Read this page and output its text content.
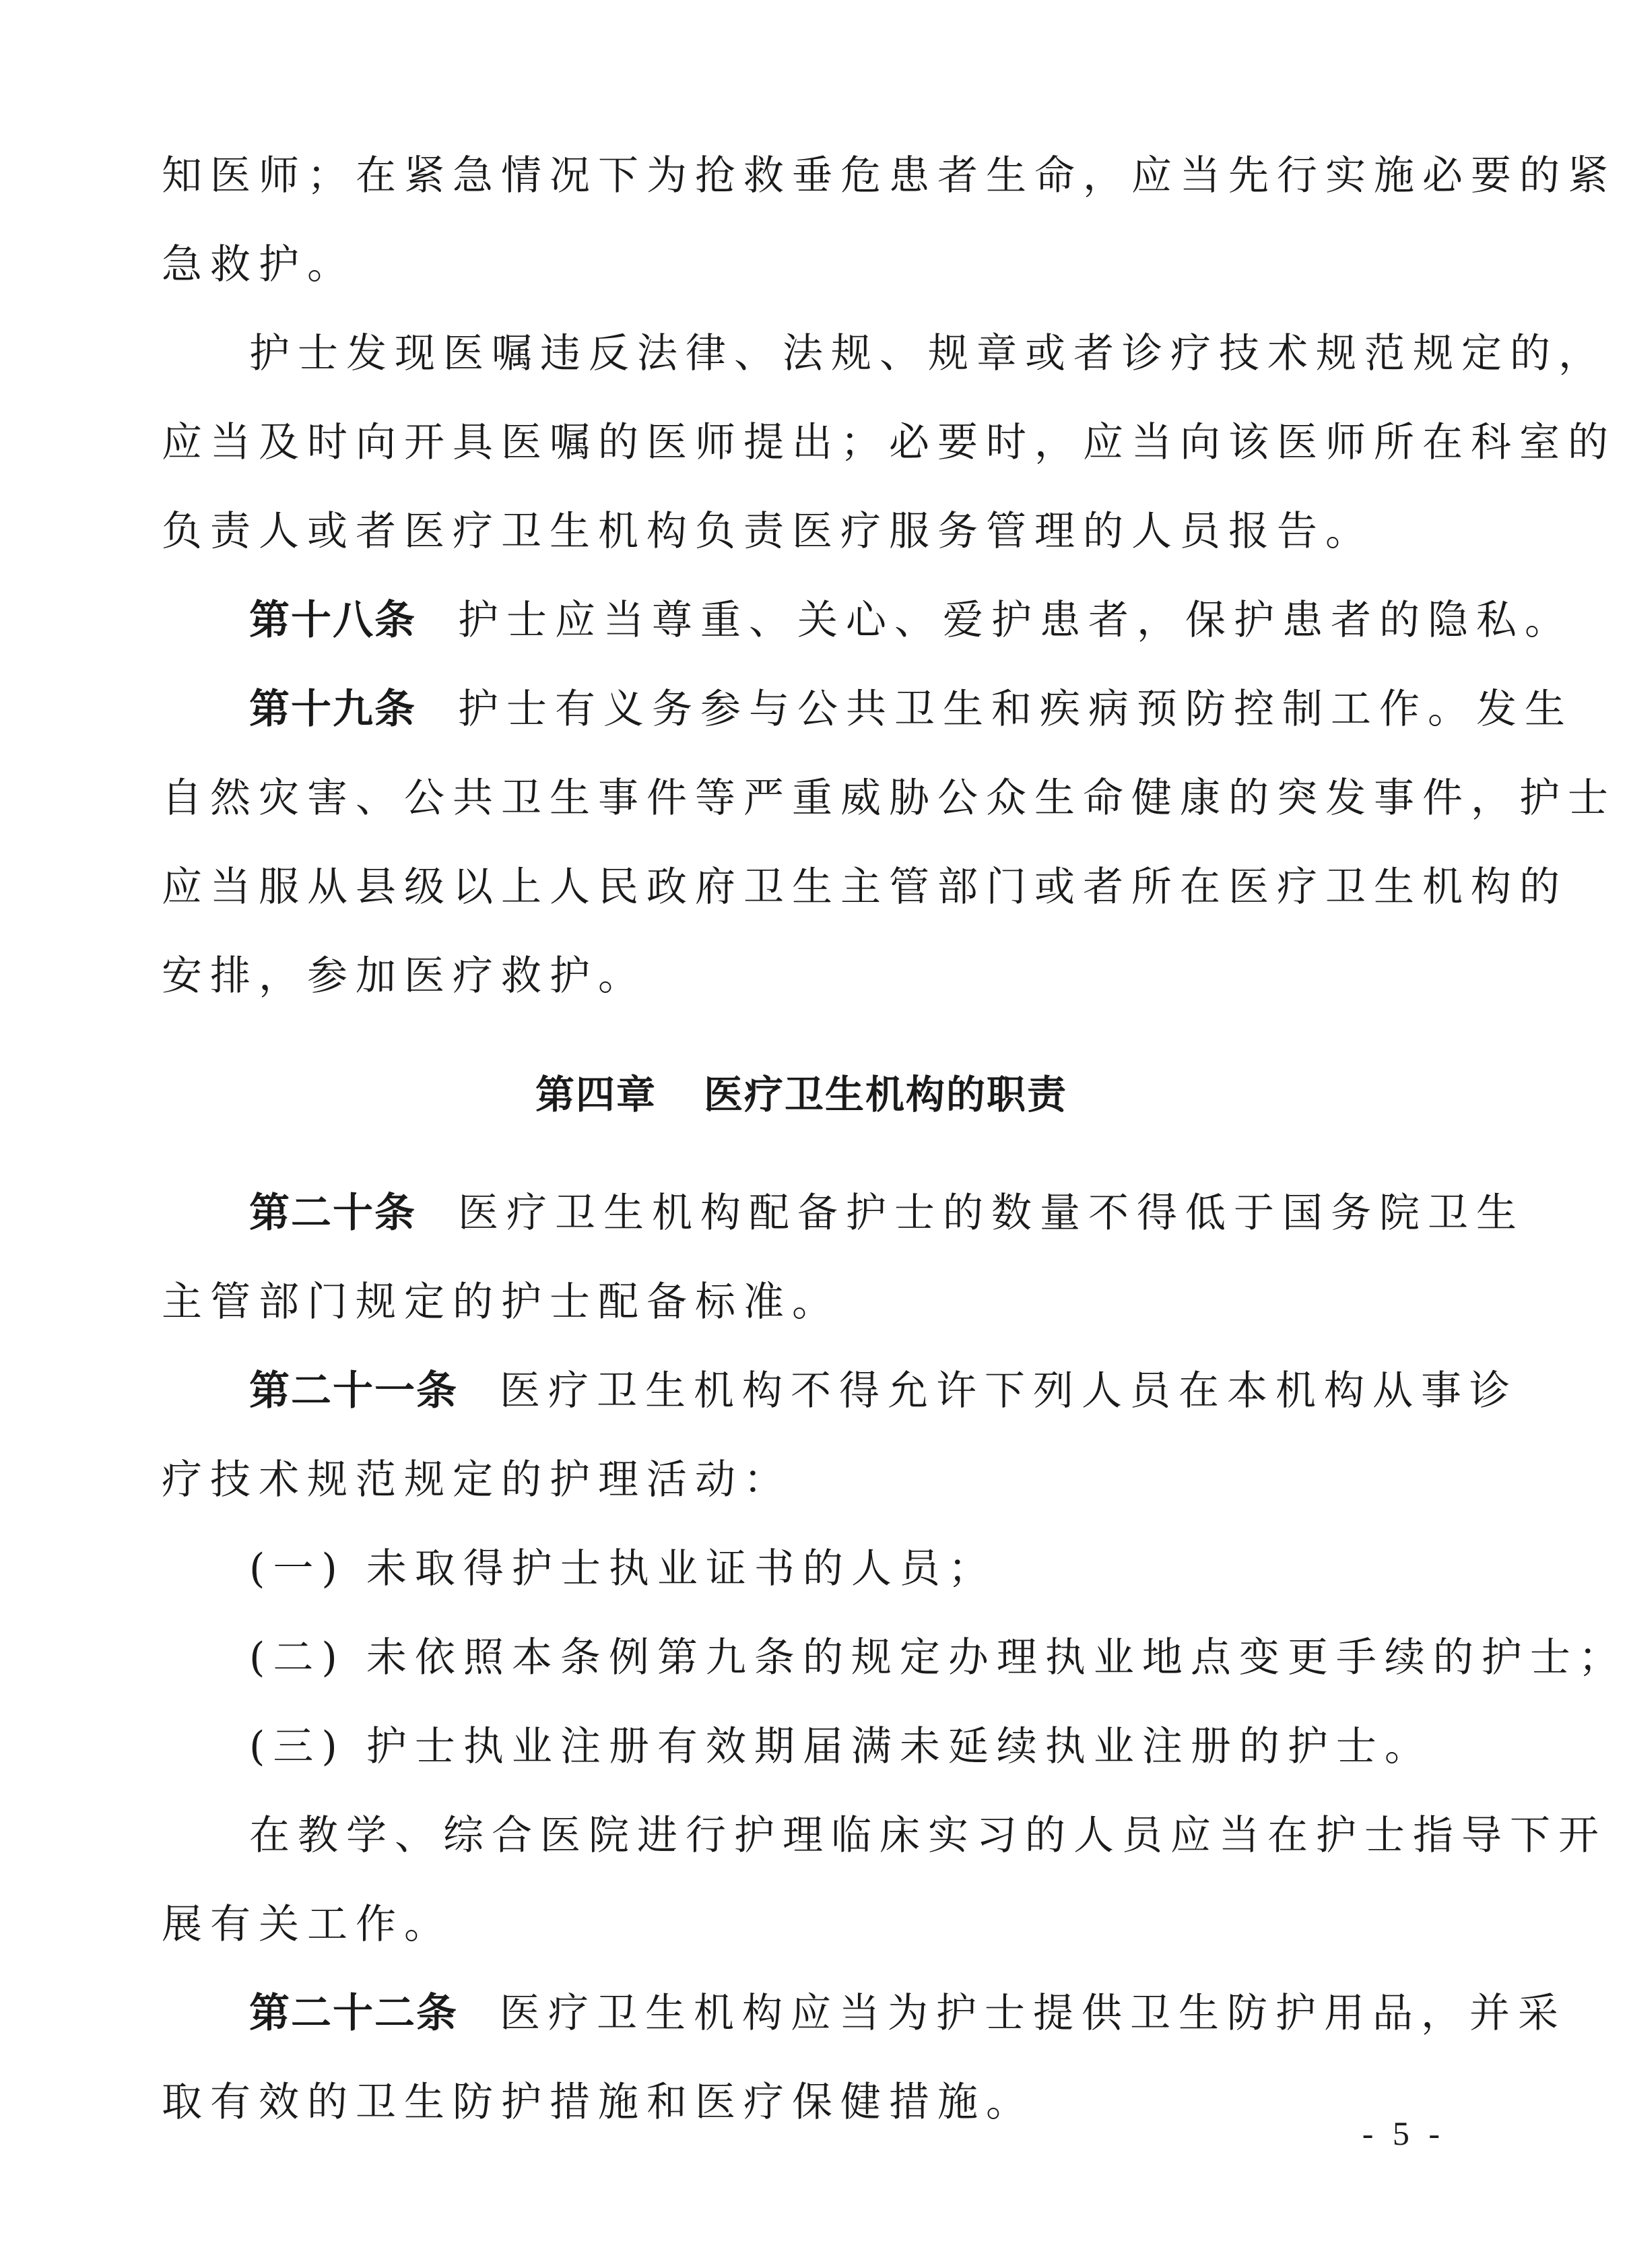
知医师；在紧急情况下为抢救垂危患者生命，应当先行实施必要的紧
急救护。
护士发现医嘱违反法律、法规、规章或者诊疗技术规范规定的，
应当及时向开具医嘱的医师提出；必要时，应当向该医师所在科室的
负责人或者医疗卫生机构负责医疗服务管理的人员报告。
第十八条 护士应当尊重、关心、爱护患者，保护患者的隐私。
第十九条 护士有义务参与公共卫生和疾病预防控制工作。发生
自然灾害、公共卫生事件等严重威胁公众生命健康的突发事件，护士
应当服从县级以上人民政府卫生主管部门或者所在医疗卫生机构的
安排，参加医疗救护。
第四章 医疗卫生机构的职责
第二十条 医疗卫生机构配备护士的数量不得低于国务院卫生
主管部门规定的护士配备标准。
第二十一条 医疗卫生机构不得允许下列人员在本机构从事诊
疗技术规范规定的护理活动：
(一) 未取得护士执业证书的人员；
(二) 未依照本条例第九条的规定办理执业地点变更手续的护士；
(三) 护士执业注册有效期届满未延续执业注册的护士。
在教学、综合医院进行护理临床实习的人员应当在护士指导下开
展有关工作。
第二十二条 医疗卫生机构应当为护士提供卫生防护用品，并采
取有效的卫生防护措施和医疗保健措施。
- 5 -
